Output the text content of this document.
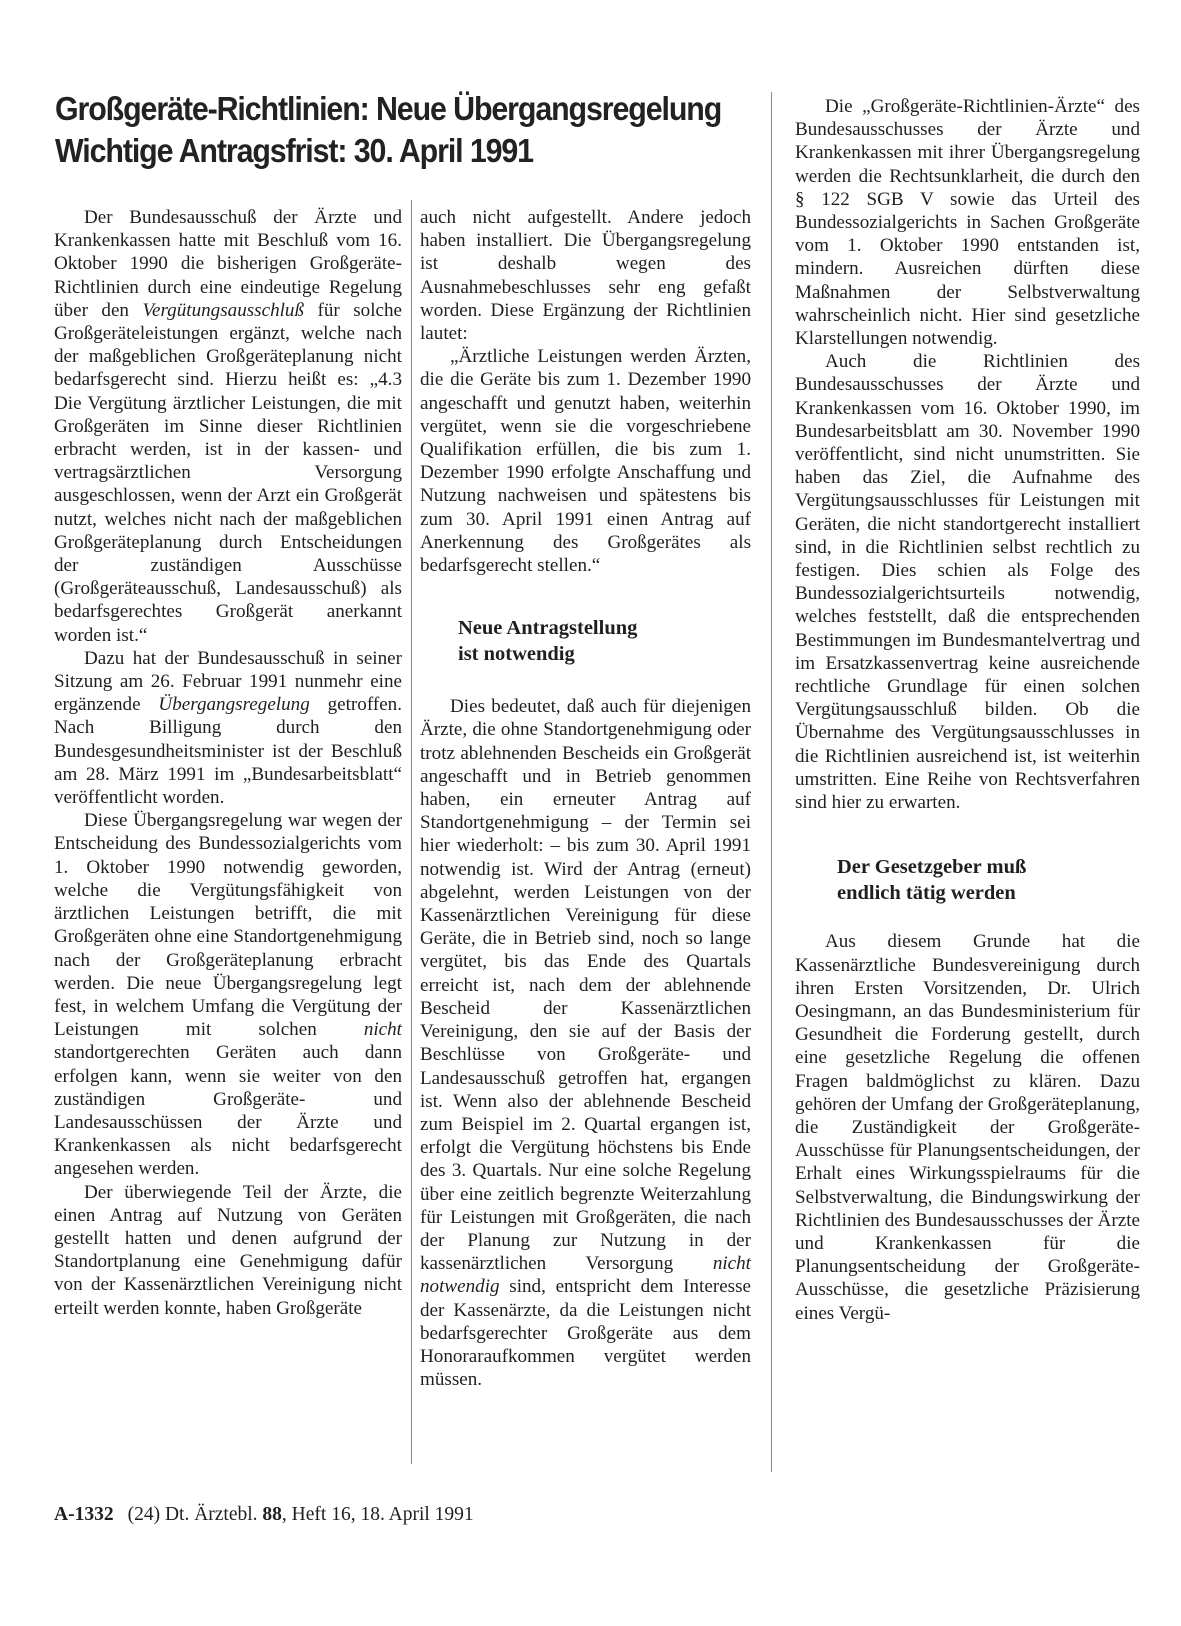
Großgeräte-Richtlinien: Neue Übergangsregelung
Wichtige Antragsfrist: 30. April 1991

Der Bundesausschuß der Ärzte und Krankenkassen hatte mit Beschluß vom 16. Oktober 1990 die bisherigen Großgeräte-Richtlinien durch eine eindeutige Regelung über den Vergütungsausschluß für solche Großgeräteleistungen ergänzt, welche nach der maßgeblichen Großgeräteplanung nicht bedarfsgerecht sind. Hierzu heißt es: „4.3 Die Vergütung ärztlicher Leistungen, die mit Großgeräten im Sinne dieser Richtlinien erbracht werden, ist in der kassen- und vertragsärztlichen Versorgung ausgeschlossen, wenn der Arzt ein Großgerät nutzt, welches nicht nach der maßgeblichen Großgeräteplanung durch Entscheidungen der zuständigen Ausschüsse (Großgeräteausschuß, Landesausschuß) als bedarfsgerechtes Großgerät anerkannt worden ist.“

Dazu hat der Bundesausschuß in seiner Sitzung am 26. Februar 1991 nunmehr eine ergänzende Übergangsregelung getroffen. Nach Billigung durch den Bundesgesundheitsminister ist der Beschluß am 28. März 1991 im „Bundesarbeitsblatt“ veröffentlicht worden.

Diese Übergangsregelung war wegen der Entscheidung des Bundessozialgerichts vom 1. Oktober 1990 notwendig geworden, welche die Vergütungsfähigkeit von ärztlichen Leistungen betrifft, die mit Großgeräten ohne eine Standortgenehmigung nach der Großgeräteplanung erbracht werden. Die neue Übergangsregelung legt fest, in welchem Umfang die Vergütung der Leistungen mit solchen nicht standortgerechten Geräten auch dann erfolgen kann, wenn sie weiter von den zuständigen Großgeräte- und Landesausschüssen der Ärzte und Krankenkassen als nicht bedarfsgerecht angesehen werden.

Der überwiegende Teil der Ärzte, die einen Antrag auf Nutzung von Geräten gestellt hatten und denen aufgrund der Standortplanung eine Genehmigung dafür von der Kassenärztlichen Vereinigung nicht erteilt werden konnte, haben Großgeräte

auch nicht aufgestellt. Andere jedoch haben installiert. Die Übergangsregelung ist deshalb wegen des Ausnahmebeschlusses sehr eng gefaßt worden. Diese Ergänzung der Richtlinien lautet:

„Ärztliche Leistungen werden Ärzten, die die Geräte bis zum 1. Dezember 1990 angeschafft und genutzt haben, weiterhin vergütet, wenn sie die vorgeschriebene Qualifikation erfüllen, die bis zum 1. Dezember 1990 erfolgte Anschaffung und Nutzung nachweisen und spätestens bis zum 30. April 1991 einen Antrag auf Anerkennung des Großgerätes als bedarfsgerecht stellen.“

Neue Antragstellung
ist notwendig

Dies bedeutet, daß auch für diejenigen Ärzte, die ohne Standortgenehmigung oder trotz ablehnenden Bescheids ein Großgerät angeschafft und in Betrieb genommen haben, ein erneuter Antrag auf Standortgenehmigung – der Termin sei hier wiederholt: – bis zum 30. April 1991 notwendig ist. Wird der Antrag (erneut) abgelehnt, werden Leistungen von der Kassenärztlichen Vereinigung für diese Geräte, die in Betrieb sind, noch so lange vergütet, bis das Ende des Quartals erreicht ist, nach dem der ablehnende Bescheid der Kassenärztlichen Vereinigung, den sie auf der Basis der Beschlüsse von Großgeräte- und Landesausschuß getroffen hat, ergangen ist. Wenn also der ablehnende Bescheid zum Beispiel im 2. Quartal ergangen ist, erfolgt die Vergütung höchstens bis Ende des 3. Quartals. Nur eine solche Regelung über eine zeitlich begrenzte Weiterzahlung für Leistungen mit Großgeräten, die nach der Planung zur Nutzung in der kassenärztlichen Versorgung nicht notwendig sind, entspricht dem Interesse der Kassenärzte, da die Leistungen nicht bedarfsgerechter Großgeräte aus dem Honoraraufkommen vergütet werden müssen.

Die „Großgeräte-Richtlinien-Ärzte“ des Bundesausschusses der Ärzte und Krankenkassen mit ihrer Übergangsregelung werden die Rechtsunklarheit, die durch den § 122 SGB V sowie das Urteil des Bundessozialgerichts in Sachen Großgeräte vom 1. Oktober 1990 entstanden ist, mindern. Ausreichen dürften diese Maßnahmen der Selbstverwaltung wahrscheinlich nicht. Hier sind gesetzliche Klarstellungen notwendig.

Auch die Richtlinien des Bundesausschusses der Ärzte und Krankenkassen vom 16. Oktober 1990, im Bundesarbeitsblatt am 30. November 1990 veröffentlicht, sind nicht unumstritten. Sie haben das Ziel, die Aufnahme des Vergütungsausschlusses für Leistungen mit Geräten, die nicht standortgerecht installiert sind, in die Richtlinien selbst rechtlich zu festigen. Dies schien als Folge des Bundessozialgerichtsurteils notwendig, welches feststellt, daß die entsprechenden Bestimmungen im Bundesmantelvertrag und im Ersatzkassenvertrag keine ausreichende rechtliche Grundlage für einen solchen Vergütungsausschluß bilden. Ob die Übernahme des Vergütungsausschlusses in die Richtlinien ausreichend ist, ist weiterhin umstritten. Eine Reihe von Rechtsverfahren sind hier zu erwarten.

Der Gesetzgeber muß
endlich tätig werden

Aus diesem Grunde hat die Kassenärztliche Bundesvereinigung durch ihren Ersten Vorsitzenden, Dr. Ulrich Oesingmann, an das Bundesministerium für Gesundheit die Forderung gestellt, durch eine gesetzliche Regelung die offenen Fragen baldmöglichst zu klären. Dazu gehören der Umfang der Großgeräteplanung, die Zuständigkeit der Großgeräte-Ausschüsse für Planungsentscheidungen, der Erhalt eines Wirkungsspielraums für die Selbstverwaltung, die Bindungswirkung der Richtlinien des Bundesausschusses der Ärzte und Krankenkassen für die Planungsentscheidung der Großgeräte-Ausschüsse, die gesetzliche Präzisierung eines Vergü-

A-1332 (24) Dt. Ärztebl. 88, Heft 16, 18. April 1991
